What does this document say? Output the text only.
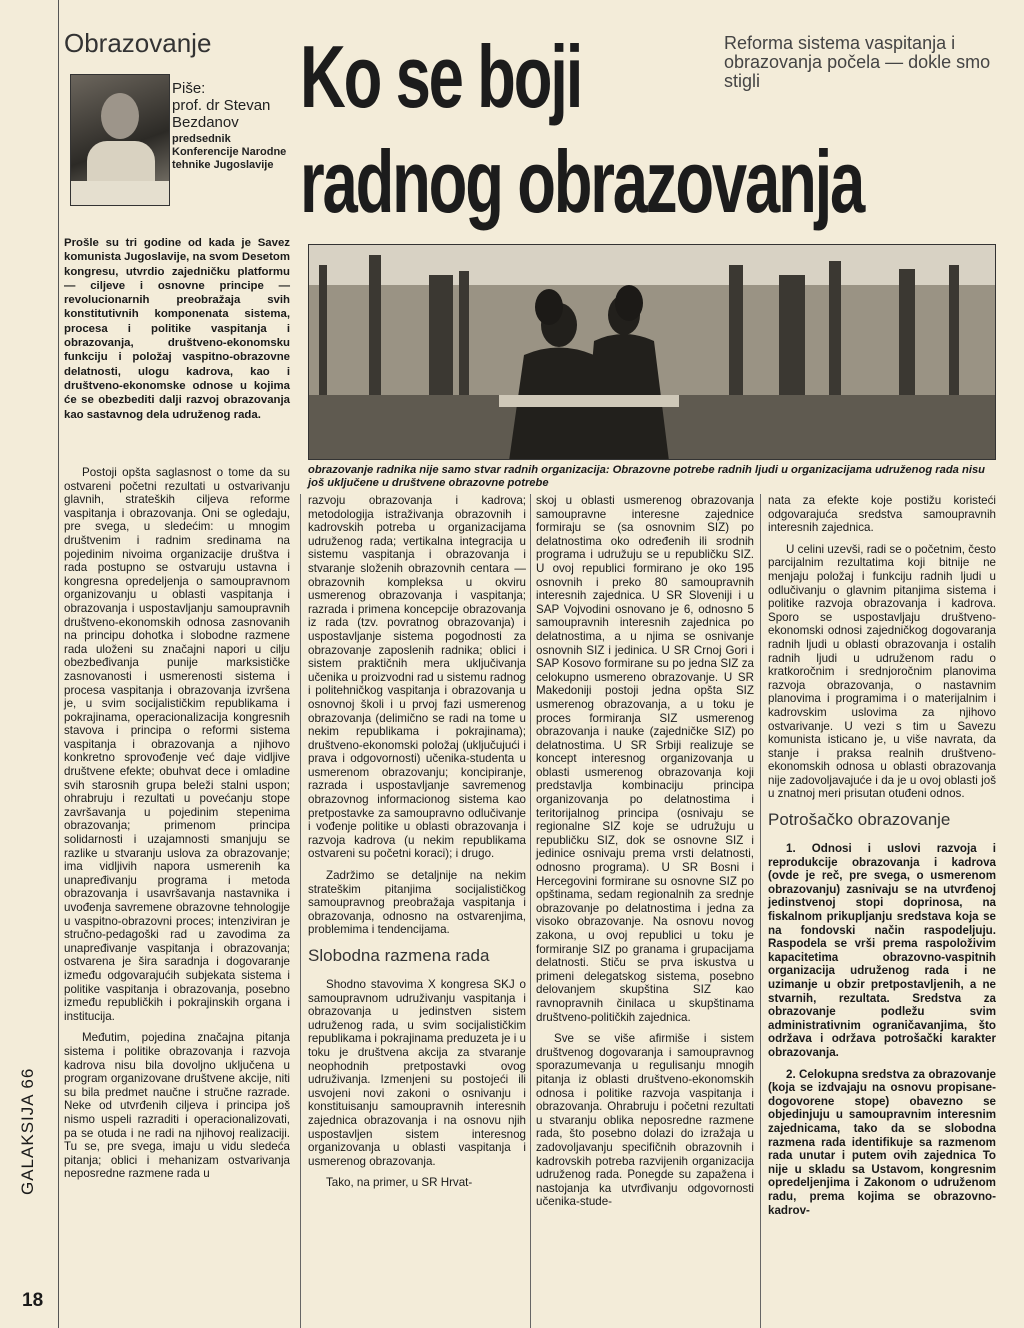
GALAKSIJA 66
18
Obrazovanje
Piše:
prof. dr Stevan Bezdanov
predsednik Konferencije Narodne tehnike Jugoslavije
Ko se boji
radnog obrazovanja
Reforma sistema vaspitanja i obrazovanja počela — dokle smo stigli
Prošle su tri godine od kada je Savez komunista Jugoslavije, na svom Desetom kongresu, utvrdio zajedničku platformu — ciljeve i osnovne principe — revolucionarnih preobražaja svih konstitutivnih komponenata sistema, procesa i politike vaspitanja i obrazovanja, društveno-ekonomsku funkciju i položaj vaspitno-obrazovne delatnosti, ulogu kadrova, kao i društveno-ekonomske odnose u kojima će se obezbediti dalji razvoj obrazovanja kao sastavnog dela udruženog rada.
obrazovanje radnika nije samo stvar radnih organizacija: Obrazovne potrebe radnih ljudi u organizacijama udruženog rada nisu još uključene u društvene obrazovne potrebe

Postoji opšta saglasnost o tome da su ostvareni početni rezultati u ostvarivanju glavnih, strateških ciljeva reforme vaspitanja i obrazovanja. Oni se ogledaju, pre svega, u sledećim: u mnogim društvenim i radnim sredinama na pojedinim nivoima organizacije društva i rada postupno se ostvaruju ustavna i kongresna opredeljenja o samoupravnom organizovanju u oblasti vaspitanja i obrazovanja i uspostavljanju samoupravnih društveno-ekonomskih odnosa zasnovanih na principu dohotka i slobodne razmene rada uloženi su značajni napori u cilju obezbeđivanja punije marksističke zasnovanosti i usmerenosti sistema i procesa vaspitanja i obrazovanja izvršena je, u svim socijalističkim republikama i pokrajinama, operacionalizacija kongresnih stavova i principa o reformi sistema vaspitanja i obrazovanja a njihovo konkretno sprovođenje već daje vidljive društvene efekte; obuhvat dece i omladine svih starosnih grupa beleži stalni uspon; ohrabruju i rezultati u povećanju stope završavanja u pojedinim stepenima obrazovanja; primenom principa solidarnosti i uzajamnosti smanjuju se razlike u stvaranju uslova za obrazovanje; ima vidljivih napora usmerenih ka unapređivanju programa i metoda obrazovanja i usavršavanja nastavnika i uvođenja savremene obrazovne tehnologije u vaspitno-obrazovni proces; intenziviran je stručno-pedagoški rad u zavodima za unapređivanje vaspitanja i obrazovanja; ostvarena je šira saradnja i dogovaranje između odgovarajućih subjekata sistema i politike vaspitanja i obrazovanja, posebno između republičkih i pokrajinskih organa i institucija.

Međutim, pojedina značajna pitanja sistema i politike obrazovanja i razvoja kadrova nisu bila dovoljno uključena u program organizovane društvene akcije, niti su bila predmet naučne i stručne razrade. Neke od utvrđenih ciljeva i principa još nismo uspeli razraditi i operacionalizovati, pa se otuda i ne radi na njihovoj realizaciji. Tu se, pre svega, imaju u vidu sledeća pitanja; oblici i mehanizam ostvarivanja neposredne razmene rada u

razvoju obrazovanja i kadrova; metodologija istraživanja obrazovnih i kadrovskih potreba u organizacijama udruženog rada; vertikalna integracija u sistemu vaspitanja i obrazovanja i stvaranje složenih obrazovnih centara — obrazovnih kompleksa u okviru usmerenog obrazovanja i vaspitanja; razrada i primena koncepcije obrazovanja iz rada (tzv. povratnog obrazovanja) i uspostavljanje sistema pogodnosti za obrazovanje zaposlenih radnika; oblici i sistem praktičnih mera uključivanja učenika u proizvodni rad u sistemu radnog i politehničkog vaspitanja i obrazovanja u osnovnoj školi i u prvoj fazi usmerenog obrazovanja (delimično se radi na tome u nekim republikama i pokrajinama); društveno-ekonomski položaj (uključujući i prava i odgovornosti) učenika-studenta u usmerenom obrazovanju; koncipiranje, razrada i uspostavljanje savremenog obrazovnog informacionog sistema kao pretpostavke za samoupravno odlučivanje i vođenje politike u oblasti obrazovanja i razvoja kadrova (u nekim republikama ostvareni su početni koraci); i drugo.

Zadržimo se detaljnije na nekim strateškim pitanjima socijalističkog samoupravnog preobražaja vaspitanja i obrazovanja, odnosno na ostvarenjima, problemima i tendencijama.

Slobodna razmena rada

Shodno stavovima X kongresa SKJ o samoupravnom udruživanju vaspitanja i obrazovanja u jedinstven sistem udruženog rada, u svim socijalističkim republikama i pokrajinama preduzeta je i u toku je društvena akcija za stvaranje neophodnih pretpostavki ovog udruživanja. Izmenjeni su postojeći ili usvojeni novi zakoni o osnivanju i konstituisanju samoupravnih interesnih zajednica obrazovanja i na osnovu njih uspostavljen sistem interesnog organizovanja u oblasti vaspitanja i usmerenog obrazovanja.

Tako, na primer, u SR Hrvat-

skoj u oblasti usmerenog obrazovanja samoupravne interesne zajednice formiraju se (sa osnovnim SIZ) po delatnostima oko određenih ili srodnih programa i udružuju se u republičku SIZ. U ovoj republici formirano je oko 195 osnovnih i preko 80 samoupravnih interesnih zajednica. U SR Sloveniji i u SAP Vojvodini osnovano je 6, odnosno 5 samoupravnih interesnih zajednica po delatnostima, a u njima se osnivanje osnovnih SIZ i jedinica. U SR Crnoj Gori i SAP Kosovo formirane su po jedna SIZ za celokupno usmereno obrazovanje. U SR Makedoniji postoji jedna opšta SIZ usmerenog obrazovanja, a u toku je proces formiranja SIZ usmerenog obrazovanja i nauke (zajedničke SIZ) po delatnostima. U SR Srbiji realizuje se koncept interesnog organizovanja u oblasti usmerenog obrazovanja koji predstavlja kombinaciju principa organizovanja po delatnostima i teritorijalnog principa (osnivaju se regionalne SIZ koje se udružuju u republičku SIZ, dok se osnovne SIZ i jedinice osnivaju prema vrsti delatnosti, odnosno programa). U SR Bosni i Hercegovini formirane su osnovne SIZ po opštinama, sedam regionalnih za srednje obrazovanje po delatnostima i jedna za visoko obrazovanje. Na osnovu novog zakona, u ovoj republici u toku je formiranje SIZ po granama i grupacijama delatnosti. Stiču se prva iskustva u primeni delegatskog sistema, posebno delovanjem skupština SIZ kao ravnopravnih činilaca u skupštinama društveno-političkih zajednica.

Sve se više afirmiše i sistem društvenog dogovaranja i samoupravnog sporazumevanja u regulisanju mnogih pitanja iz oblasti društveno-ekonomskih odnosa i politike razvoja vaspitanja i obrazovanja. Ohrabruju i početni rezultati u stvaranju oblika neposredne razmene rada, što posebno dolazi do izražaja u zadovoljavanju specifičnih obrazovnih i kadrovskih potreba razvijenih organizacija udruženog rada. Ponegde su zapažena i nastojanja ka utvrđivanju odgovornosti učenika-stude-

nata za efekte koje postižu koristeći odgovarajuća sredstva samoupravnih interesnih zajednica.

U celini uzevši, radi se o početnim, često parcijalnim rezultatima koji bitnije ne menjaju položaj i funkciju radnih ljudi u odlučivanju o glavnim pitanjima sistema i politike razvoja obrazovanja i kadrova. Sporo se uspostavljaju društveno-ekonomski odnosi zajedničkog dogovaranja radnih ljudi u oblasti obrazovanja i ostalih radnih ljudi u udruženom radu o kratkoročnim i srednjoročnim planovima razvoja obrazovanja, o nastavnim planovima i programima i o materijalnim i kadrovskim uslovima za njihovo ostvarivanje. U vezi s tim u Savezu komunista isticano je, u više navrata, da stanje i praksa realnih društveno-ekonomskih odnosa u oblasti obrazovanja nije zadovoljavajuće i da je u ovoj oblasti još u znatnoj meri prisutan otuđeni odnos.

Potrošačko obrazovanje

1. Odnosi i uslovi razvoja i reprodukcije obrazovanja i kadrova (ovde je reč, pre svega, o usmerenom obrazovanju) zasnivaju se na utvrđenoj jedinstvenoj stopi doprinosa, na fiskalnom prikupljanju sredstava koja se na fondovski način raspodeljuju. Raspodela se vrši prema raspoloživim kapacitetima obrazovno-vaspitnih organizacija udruženog rada i ne uzimanje u obzir pretpostavljenih, a ne stvarnih, rezultata. Sredstva za obrazovanje podležu svim administrativnim ograničavanjima, što održava i održava potrošački karakter obrazovanja.

2. Celokupna sredstva za obrazovanje (koja se izdvajaju na osnovu propisane-dogovorene stope) obavezno se objedinjuju u samoupravnim interesnim zajednicama, tako da se slobodna razmena rada identifikuje sa razmenom rada unutar i putem ovih zajednica To nije u skladu sa Ustavom, kongresnim opredeljenjima i Zakonom o udruženom radu, prema kojima se obrazovno-kadrov-
